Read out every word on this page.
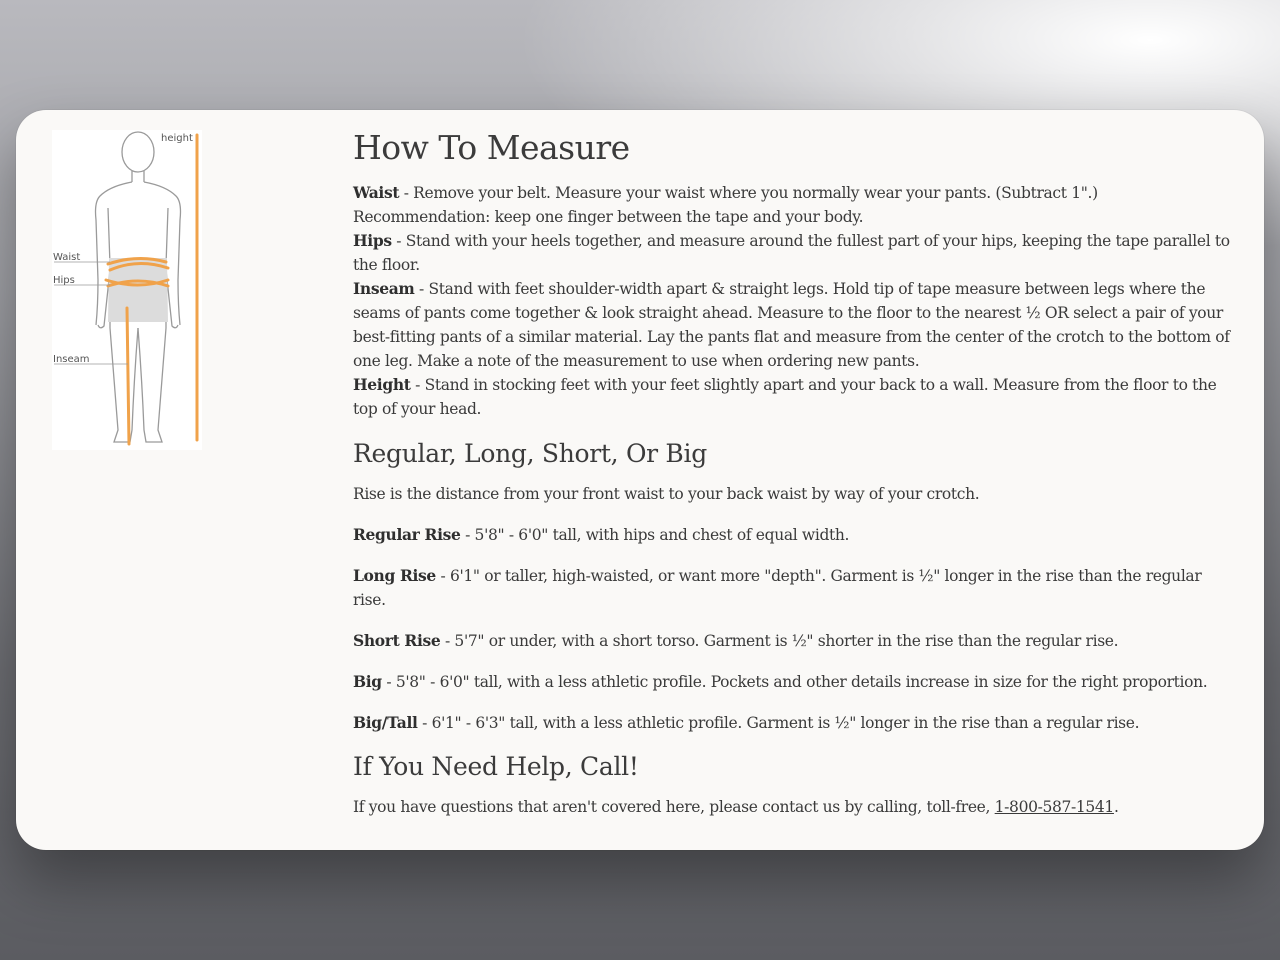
height
Waist
Hips
Inseam
How To Measure

Waist - Remove your belt. Measure your waist where you normally wear your pants. (Subtract 1".) Recommendation: keep one finger between the tape and your body.

Hips - Stand with your heels together, and measure around the fullest part of your hips, keeping the tape parallel to the floor.

Inseam - Stand with feet shoulder-width apart & straight legs. Hold tip of tape measure between legs where the seams of pants come together & look straight ahead. Measure to the floor to the nearest ½ OR select a pair of your best-fitting pants of a similar material. Lay the pants flat and measure from the center of the crotch to the bottom of one leg. Make a note of the measurement to use when ordering new pants.

Height - Stand in stocking feet with your feet slightly apart and your back to a wall. Measure from the floor to the top of your head.

Regular, Long, Short, Or Big

Rise is the distance from your front waist to your back waist by way of your crotch.

Regular Rise - 5'8" - 6'0" tall, with hips and chest of equal width.

Long Rise - 6'1" or taller, high-waisted, or want more "depth". Garment is ½" longer in the rise than the regular rise.

Short Rise - 5'7" or under, with a short torso. Garment is ½" shorter in the rise than the regular rise.

Big - 5'8" - 6'0" tall, with a less athletic profile. Pockets and other details increase in size for the right proportion.

Big/Tall - 6'1" - 6'3" tall, with a less athletic profile. Garment is ½" longer in the rise than a regular rise.

If You Need Help, Call!

If you have questions that aren't covered here, please contact us by calling, toll-free, 1-800-587-1541.
